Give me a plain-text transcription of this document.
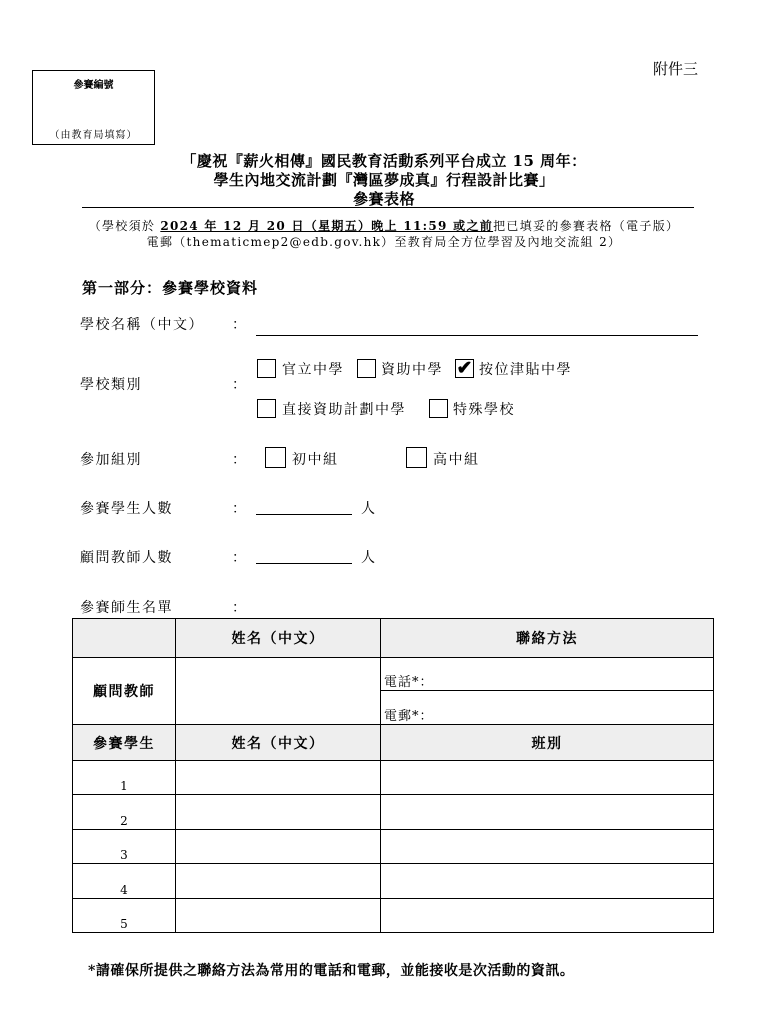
附件三
參賽編號
（由教育局填寫）
「慶祝『薪火相傳』國民教育活動系列平台成立 15 周年：
學生內地交流計劃『灣區夢成真』行程設計比賽」
參賽表格
（學校須於 2024 年 12 月 20 日（星期五）晚上 11:59 或之前把已填妥的參賽表格（電子版）
電郵（thematicmep2@edb.gov.hk）至教育局全方位學習及內地交流組 2）
第一部分：參賽學校資料
學校名稱（中文） ：
學校類別	：
官立中學	資助中學 ✔ 按位津貼中學
直接資助計劃中學	特殊學校
參加組別	：	初中組	高中組
參賽學生人數	：	人
顧問教師人數	：	人
參賽師生名單	：
	姓名（中文）	聯絡方法
顧問教師		電話*：
		電郵*：
參賽學生	姓名（中文）	班別
1		
2		
3		
4		
5		
*請確保所提供之聯絡方法為常用的電話和電郵，並能接收是次活動的資訊。
